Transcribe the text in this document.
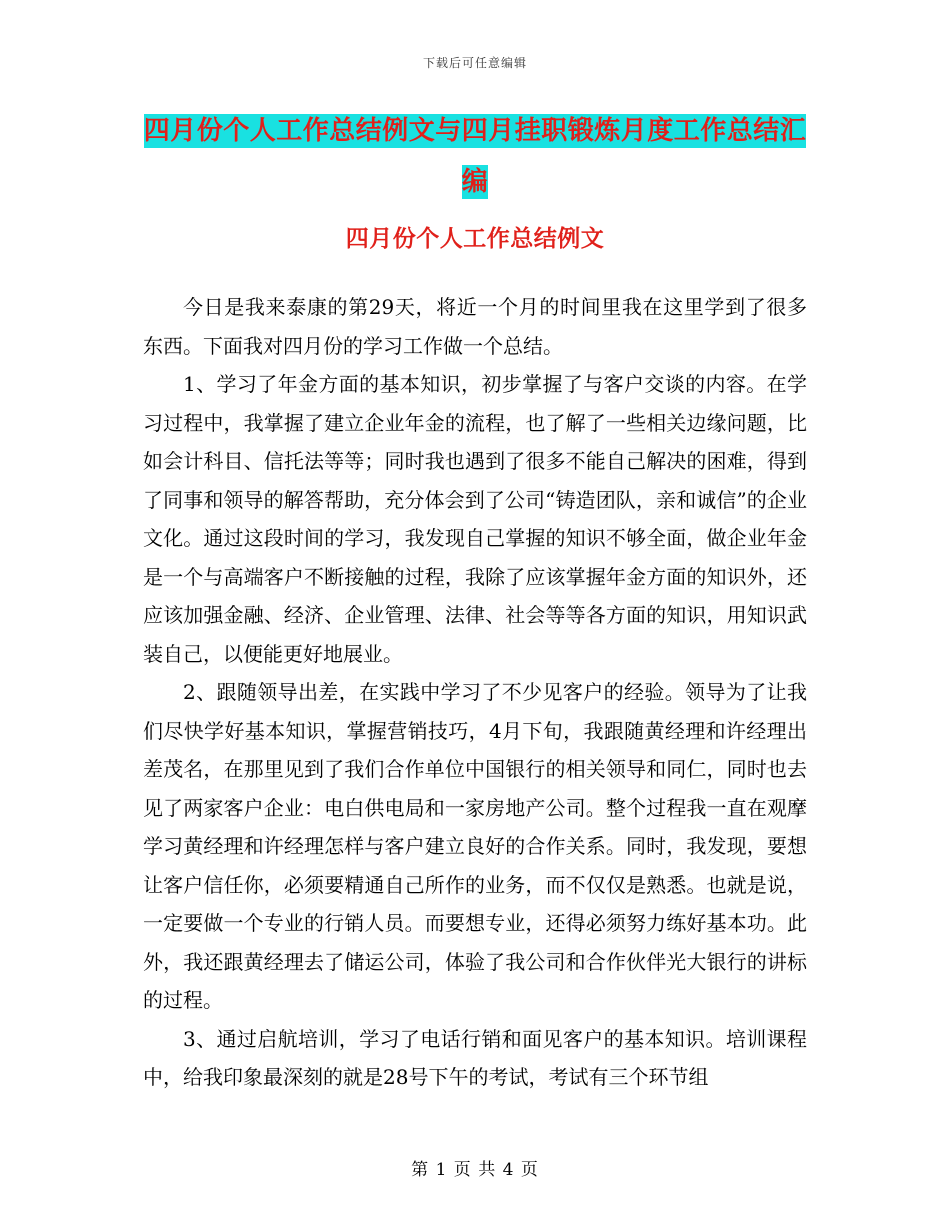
下载后可任意编辑
四月份个人工作总结例文与四月挂职锻炼月度工作总结汇编
四月份个人工作总结例文

今日是我来泰康的第29天，将近一个月的时间里我在这里学到了很多东西。下面我对四月份的学习工作做一个总结。

1、学习了年金方面的基本知识，初步掌握了与客户交谈的内容。在学习过程中，我掌握了建立企业年金的流程，也了解了一些相关边缘问题，比如会计科目、信托法等等；同时我也遇到了很多不能自己解决的困难，得到了同事和领导的解答帮助，充分体会到了公司“铸造团队，亲和诚信”的企业文化。通过这段时间的学习，我发现自己掌握的知识不够全面，做企业年金是一个与高端客户不断接触的过程，我除了应该掌握年金方面的知识外，还应该加强金融、经济、企业管理、法律、社会等等各方面的知识，用知识武装自己，以便能更好地展业。

2、跟随领导出差，在实践中学习了不少见客户的经验。领导为了让我们尽快学好基本知识，掌握营销技巧，4月下旬，我跟随黄经理和许经理出差茂名，在那里见到了我们合作单位中国银行的相关领导和同仁，同时也去见了两家客户企业：电白供电局和一家房地产公司。整个过程我一直在观摩学习黄经理和许经理怎样与客户建立良好的合作关系。同时，我发现，要想让客户信任你，必须要精通自己所作的业务，而不仅仅是熟悉。也就是说，一定要做一个专业的行销人员。而要想专业，还得必须努力练好基本功。此外，我还跟黄经理去了储运公司，体验了我公司和合作伙伴光大银行的讲标的过程。

3、通过启航培训，学习了电话行销和面见客户的基本知识。培训课程中，给我印象最深刻的就是28号下午的考试，考试有三个环节组

第 1 页 共 4 页
